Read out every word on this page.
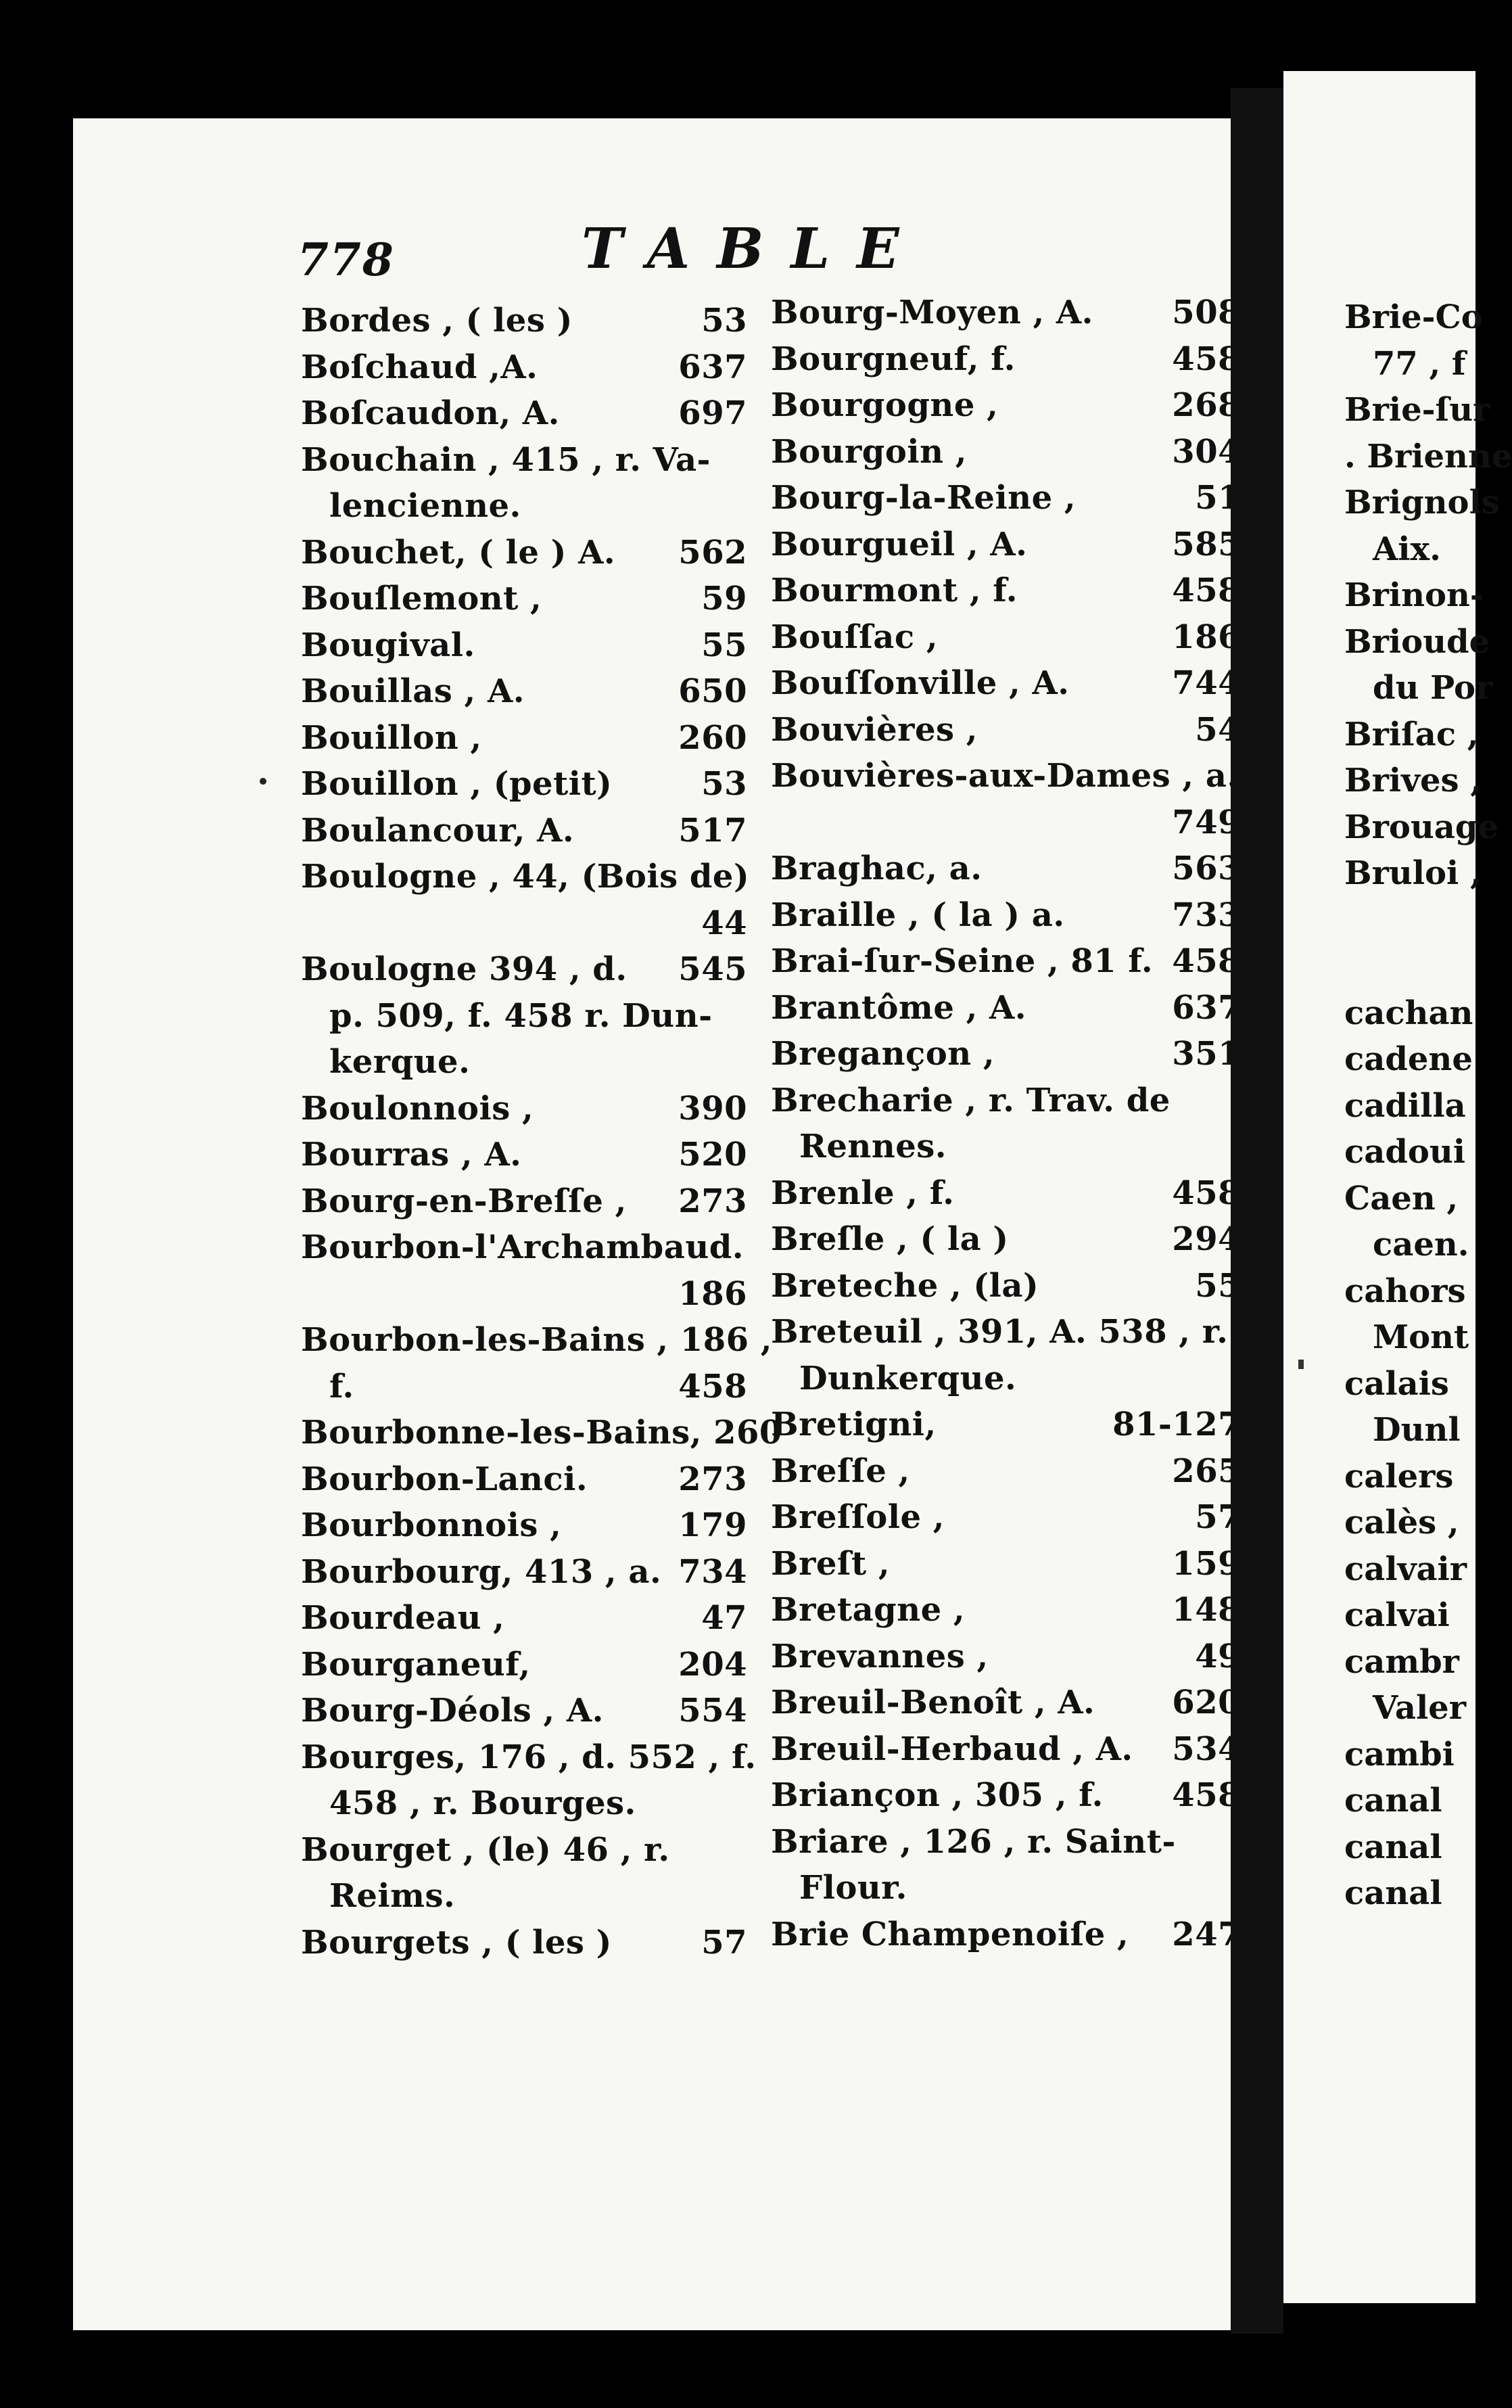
778	TABLE
Bordes , ( les )	53
Boſchaud ,A.	637
Boſcaudon, A.	697
Bouchain , 415 , r. Va-
lencienne.
Bouchet, ( le ) A. 562
Bouſlemont ,	59
Bougival.	55
Bouillas , A.	650
Bouillon ,	260
Bouillon , (petit)	53
Boulancour, A.	517
Boulogne , 44, (Bois de)
44
Boulogne 394 , d. 545
p. 509, f. 458 r. Dun-
kerque.
Boulonnois ,	390
Bourras , A.	520
Bourg-en-Breſſe , 273
Bourbon-l'Archambaud.
186
Bourbon-les-Bains , 186 ,
f.	458
Bourbonne-les-Bains, 260
Bourbon-Lanci.	273
Bourbonnois ,	179
Bourbourg, 413 , a. 734
Bourdeau ,	47
Bourganeuf,	204
Bourg-Déols , A. 554
Bourges, 176 , d. 552 , f.
458 , r. Bourges.
Bourget , (le) 46 , r.
Reims.
Bourgets , ( les )	57
Bourg-Moyen , A. 508
Bourgneuf, f.	458
Bourgogne ,	268
Bourgoin ,	304
Bourg-la-Reine ,	51
Bourgueil , A.	585
Bourmont , f.	458
Bouſſac ,	186
Bouſſonville , A.	744
Bouvières ,	54
Bouvières-aux-Dames , a.
749
Braghac, a.	563
Braille , ( la ) a.	733
Brai-ſur-Seine , 81 f. 458
Brantôme , A.	637
Bregançon ,	351
Brecharie , r. Trav. de
Rennes.
Brenle , f.	458
Breſle , ( la )	294
Breteche , (la)	55
Breteuil , 391, A. 538 , r.
Dunkerque.
Bretigni,	81-127
Breſſe ,	265
Breſſole ,	57
Breſt ,	159
Bretagne ,	148
Brevannes ,	49
Breuil-Benoît , A. 620
Breuil-Herbaud , A. 534
Briançon , 305 , f. 458
Briare , 126 , r. Saint-
Flour.
Brie Champenoiſe , 247
Brie-Co
77 , f
Brie-ſur
. Brienne
Brignols
Aix.
Brinon-
Brioude
du Por
Briſac ,
Brives ,
Brouage
Bruloi ,
cachan
cadene
cadilla
cadoui
Caen ,
caen.
cahors
Mont
calais
Dunl
calers
calès ,
calvair
calvai
cambr
Valer
cambi
canal
canal
canal
